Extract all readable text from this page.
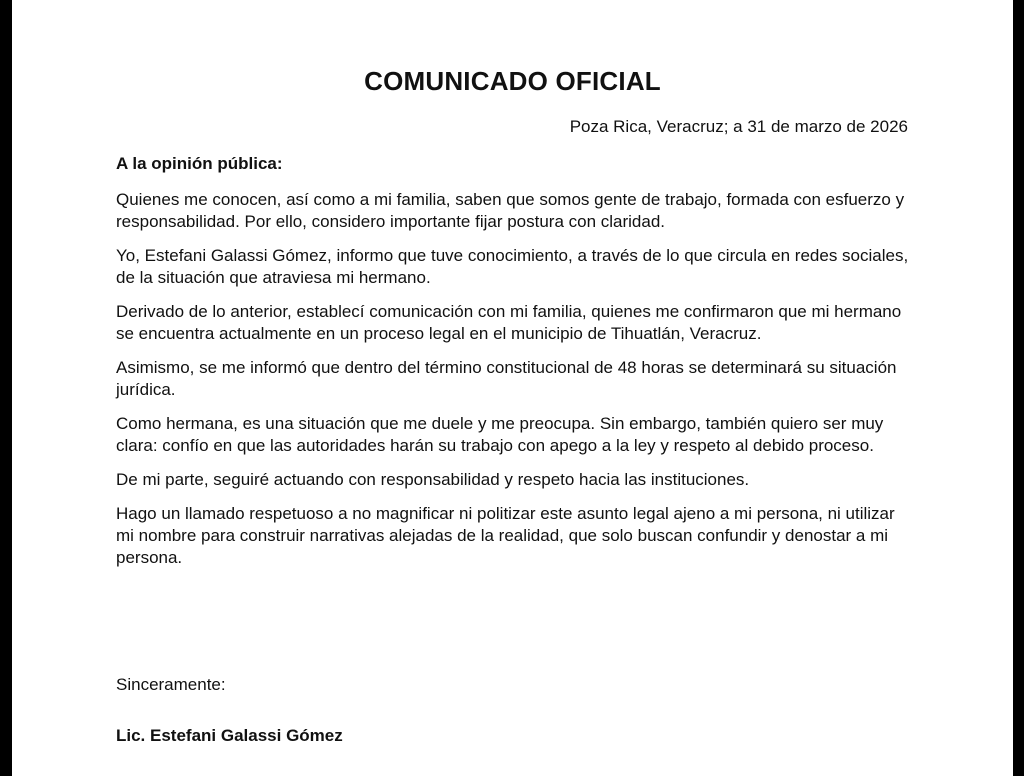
COMUNICADO OFICIAL

Poza Rica, Veracruz; a 31 de marzo de 2026

A la opinión pública:

Quienes me conocen, así como a mi familia, saben que somos gente de trabajo, formada con esfuerzo y responsabilidad. Por ello, considero importante fijar postura con claridad.

Yo, Estefani Galassi Gómez, informo que tuve conocimiento, a través de lo que circula en redes sociales, de la situación que atraviesa mi hermano.

Derivado de lo anterior, establecí comunicación con mi familia, quienes me confirmaron que mi hermano se encuentra actualmente en un proceso legal en el municipio de Tihuatlán, Veracruz.

Asimismo, se me informó que dentro del término constitucional de 48 horas se determinará su situación jurídica.

Como hermana, es una situación que me duele y me preocupa. Sin embargo, también quiero ser muy clara: confío en que las autoridades harán su trabajo con apego a la ley y respeto al debido proceso.

De mi parte, seguiré actuando con responsabilidad y respeto hacia las instituciones.

Hago un llamado respetuoso a no magnificar ni politizar este asunto legal ajeno a mi persona, ni utilizar mi nombre para construir narrativas alejadas de la realidad, que solo buscan confundir y denostar a mi persona.

Sinceramente:

Lic. Estefani Galassi Gómez
